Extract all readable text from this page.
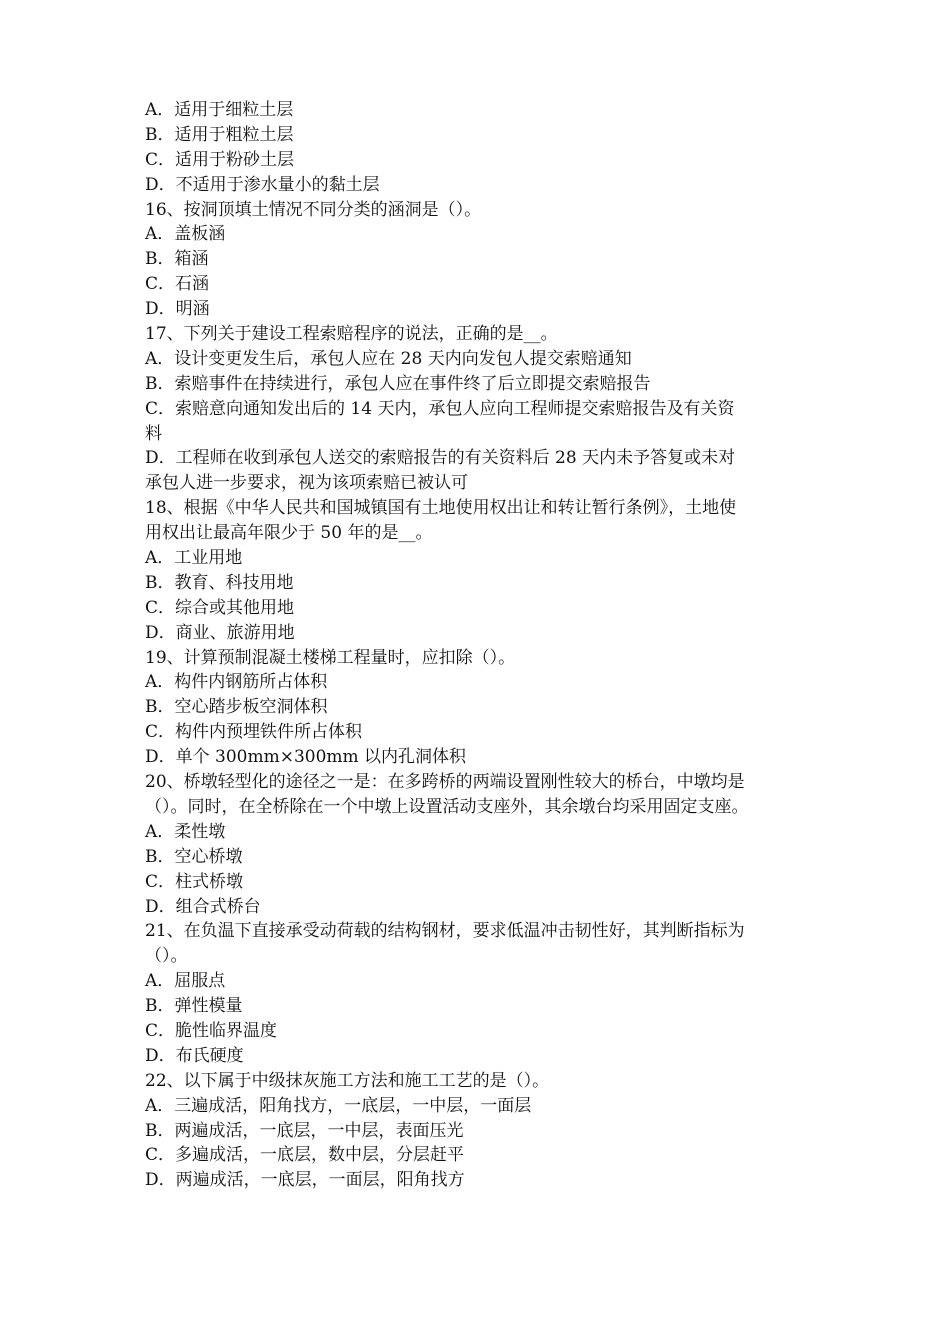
A．适用于细粒土层

B．适用于粗粒土层

C．适用于粉砂土层

D．不适用于渗水量小的黏土层

16、按洞顶填土情况不同分类的涵洞是（）。

A．盖板涵

B．箱涵

C．石涵

D．明涵

17、下列关于建设工程索赔程序的说法，正确的是__。

A．设计变更发生后，承包人应在 28 天内向发包人提交索赔通知

B．索赔事件在持续进行，承包人应在事件终了后立即提交索赔报告

C．索赔意向通知发出后的 14 天内，承包人应向工程师提交索赔报告及有关资

料

D．工程师在收到承包人送交的索赔报告的有关资料后 28 天内未予答复或未对

承包人进一步要求，视为该项索赔已被认可

18、根据《中华人民共和国城镇国有土地使用权出让和转让暂行条例》，土地使

用权出让最高年限少于 50 年的是__。

A．工业用地

B．教育、科技用地

C．综合或其他用地

D．商业、旅游用地

19、计算预制混凝土楼梯工程量时，应扣除（）。

A．构件内钢筋所占体积

B．空心踏步板空洞体积

C．构件内预埋铁件所占体积

D．单个 300mm×300mm 以内孔洞体积

20、桥墩轻型化的途径之一是：在多跨桥的两端设置刚性较大的桥台，中墩均是

（）。同时，在全桥除在一个中墩上设置活动支座外，其余墩台均采用固定支座。

A．柔性墩

B．空心桥墩

C．柱式桥墩

D．组合式桥台

21、在负温下直接承受动荷载的结构钢材，要求低温冲击韧性好，其判断指标为

（）。

A．屈服点

B．弹性模量

C．脆性临界温度

D．布氏硬度

22、以下属于中级抹灰施工方法和施工工艺的是（）。

A．三遍成活，阳角找方，一底层，一中层，一面层

B．两遍成活，一底层，一中层，表面压光

C．多遍成活，一底层，数中层，分层赶平

D．两遍成活，一底层，一面层，阳角找方
